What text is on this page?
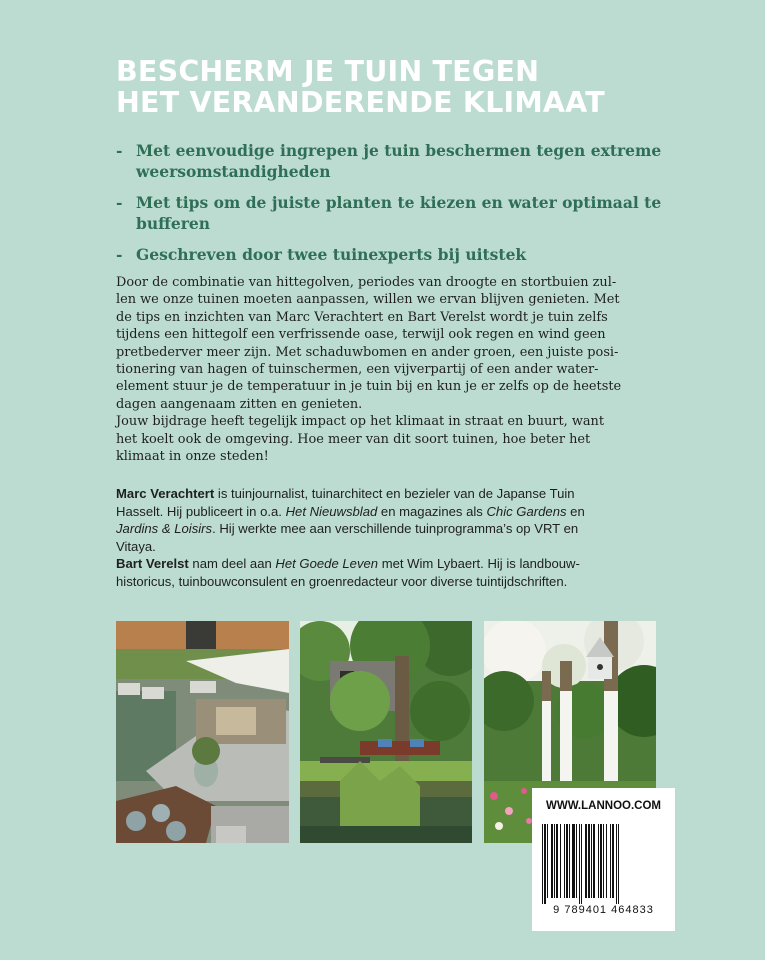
BESCHERM JE TUIN TEGEN
HET VERANDERENDE KLIMAAT
- Met eenvoudige ingrepen je tuin beschermen tegen extreme weersomstandigheden
- Met tips om de juiste planten te kiezen en water optimaal te bufferen
- Geschreven door twee tuinexperts bij uitstek

Door de combinatie van hittegolven, periodes van droogte en stortbuien zul-

len we onze tuinen moeten aanpassen, willen we ervan blijven genieten. Met

de tips en inzichten van Marc Verachtert en Bart Verelst wordt je tuin zelfs

tijdens een hittegolf een verfrissende oase, terwijl ook regen en wind geen

pretbederver meer zijn. Met schaduwbomen en ander groen, een juiste posi-

tionering van hagen of tuinschermen, een vijverpartij of een ander water-

element stuur je de temperatuur in je tuin bij en kun je er zelfs op de heetste

dagen aangenaam zitten en genieten.

Jouw bijdrage heeft tegelijk impact op het klimaat in straat en buurt, want

het koelt ook de omgeving. Hoe meer van dit soort tuinen, hoe beter het

klimaat in onze steden!

Marc Verachtert is tuinjournalist, tuinarchitect en bezieler van de Japanse Tuin

Hasselt. Hij publiceert in o.a. Het Nieuwsblad en magazines als Chic Gardens en

Jardins & Loisirs. Hij werkte mee aan verschillende tuinprogramma’s op VRT en

Vitaya.

Bart Verelst nam deel aan Het Goede Leven met Wim Lybaert. Hij is landbouw-

historicus, tuinbouwconsulent en groenredacteur voor diverse tuintijdschriften.

WWW.LANNOO.COM
9 789401 464833
